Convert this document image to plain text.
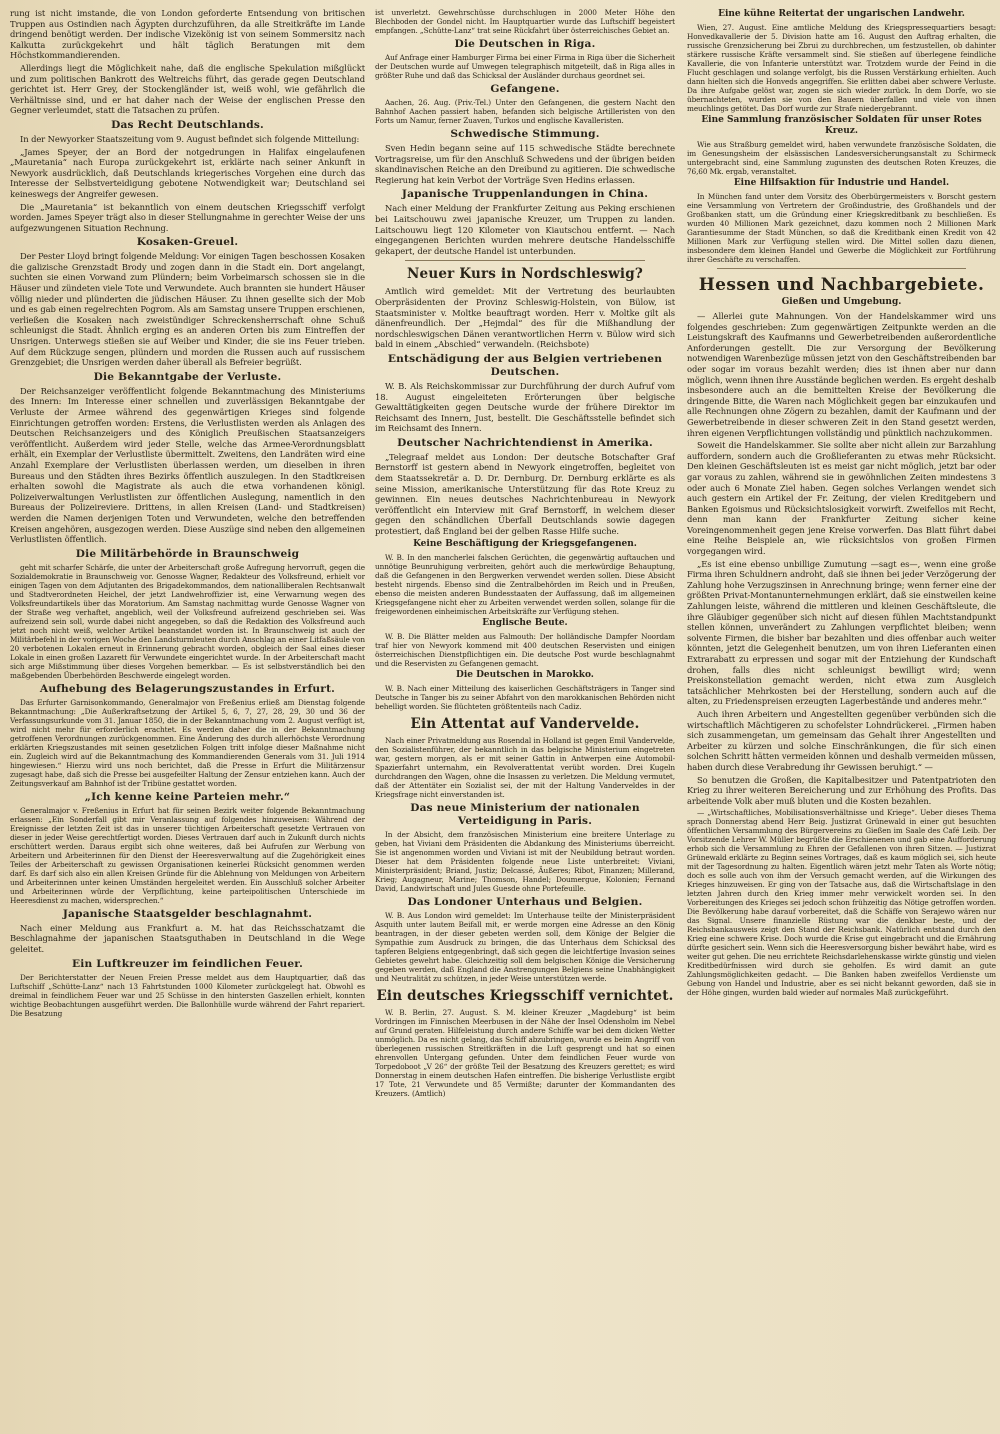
rung ist nicht imstande, die von London geforderte Entsendung von britischen Truppen aus Ostindien nach Ägypten durchzuführen, da alle Streitkräfte im Lande dringend benötigt werden. Der indische Vizekönig ist von seinem Sommersitz nach Kalkutta zurückgekehrt und hält täglich Beratungen mit dem Höchstkommandierenden.

Allerdings liegt die Möglichkeit nahe, daß die englische Spekulation mißglückt und zum politischen Bankrott des Weltreichs führt, das gerade gegen Deutschland gerichtet ist. Herr Grey, der Stockengländer ist, weiß wohl, wie gefährlich die Verhältnisse sind, und er hat daher nach der Weise der englischen Presse den Gegner verleumdet, statt die Tatsachen zu prüfen.

Das Recht Deutschlands.

In der Newyorker Staatszeitung vom 9. August befindet sich folgende Mitteilung:

„James Speyer, der an Bord der notgedrungen in Halifax eingelaufenen „Mauretania“ nach Europa zurückgekehrt ist, erklärte nach seiner Ankunft in Newyork ausdrücklich, daß Deutschlands kriegerisches Vorgehen eine durch das Interesse der Selbstverteidigung gebotene Notwendigkeit war; Deutschland sei keineswegs der Angreifer gewesen.

Die „Mauretania“ ist bekanntlich von einem deutschen Kriegsschiff verfolgt worden. James Speyer trägt also in dieser Stellungnahme in gerechter Weise der uns aufgezwungenen Situation Rechnung.

Kosaken-Greuel.

Der Pester Lloyd bringt folgende Meldung: Vor einigen Tagen beschossen Kosaken die galizische Grenzstadt Brody und zogen dann in die Stadt ein. Dort angelangt, suchten sie einen Vorwand zum Plündern; beim Vorbeimarsch schossen sie in die Häuser und zündeten viele Tote und Verwundete. Auch brannten sie hundert Häuser völlig nieder und plünderten die jüdischen Häuser. Zu ihnen gesellte sich der Mob und es gab einen regelrechten Pogrom. Als am Samstag unsere Truppen erschienen, verließen die Kosaken nach zweistündiger Schreckensherrschaft ohne Schuß schleunigst die Stadt. Ähnlich erging es an anderen Orten bis zum Eintreffen der Unsrigen. Unterwegs stießen sie auf Weiber und Kinder, die sie ins Feuer trieben. Auf dem Rückzuge sengen, plündern und morden die Russen auch auf russischem Grenzgebiet; die Unsrigen werden daher überall als Befreier begrüßt.

Die Bekanntgabe der Verluste.

Der Reichsanzeiger veröffentlicht folgende Bekanntmachung des Ministeriums des Innern: Im Interesse einer schnellen und zuverlässigen Bekanntgabe der Verluste der Armee während des gegenwärtigen Krieges sind folgende Einrichtungen getroffen worden: Erstens, die Verlustlisten werden als Anlagen des Deutschen Reichsanzeigers und des Königlich Preußischen Staatsanzeigers veröffentlicht. Außerdem wird jeder Stelle, welche das Armee-Verordnungsblatt erhält, ein Exemplar der Verlustliste übermittelt. Zweitens, den Landräten wird eine Anzahl Exemplare der Verlustlisten überlassen werden, um dieselben in ihren Bureaus und den Städten ihres Bezirks öffentlich auszulegen. In den Stadtkreisen erhalten sowohl die Magistrate als auch die etwa vorhandenen königl. Polizeiverwaltungen Verlustlisten zur öffentlichen Auslegung, namentlich in den Bureaus der Polizeireviere. Drittens, in allen Kreisen (Land- und Stadtkreisen) werden die Namen derjenigen Toten und Verwundeten, welche den betreffenden Kreisen angehören, ausgezogen werden. Diese Auszüge sind neben den allgemeinen Verlustlisten öffentlich.

Die Militärbehörde in Braunschweig

geht mit scharfer Schärfe, die unter der Arbeiterschaft große Aufregung hervorruft, gegen die Sozialdemokratie in Braunschweig vor. Genosse Wagner, Redakteur des Volksfreund, erhielt vor einigen Tagen von dem Adjutanten des Brigadekommandos, dem nationalliberalen Rechtsanwalt und Stadtverordneten Heichel, der jetzt Landwehroffizier ist, eine Verwarnung wegen des Volksfreundartikels über das Moratorium. Am Samstag nachmittag wurde Genosse Wagner von der Straße weg verhaftet, angeblich, weil der Volksfreund aufreizend geschrieben sei. Was aufreizend sein soll, wurde dabei nicht angegeben, so daß die Redaktion des Volksfreund auch jetzt noch nicht weiß, welcher Artikel beanstandet worden ist. In Braunschweig ist auch der Militärbefehl in der vorigen Woche den Landsturmleuten durch Anschlag an einer Litfaßsäule von 20 verbotenen Lokalen erneut in Erinnerung gebracht worden, obgleich der Saal eines dieser Lokale in einen großen Lazarett für Verwundete eingerichtet wurde. In der Arbeiterschaft macht sich arge Mißstimmung über dieses Vorgehen bemerkbar. — Es ist selbstverständlich bei den maßgebenden Überbehörden Beschwerde eingelegt worden.

Aufhebung des Belagerungszustandes in Erfurt.

Das Erfurter Garnisonkommando, Generalmajor von Freßenius erließ am Dienstag folgende Bekanntmachung: „Die Außerkraftsetzung der Artikel 5, 6, 7, 27, 28, 29, 30 und 36 der Verfassungsurkunde vom 31. Januar 1850, die in der Bekanntmachung vom 2. August verfügt ist, wird nicht mehr für erforderlich erachtet. Es werden daher die in der Bekanntmachung getroffenen Verordnungen zurückgenommen. Eine Änderung des durch allerhöchste Verordnung erklärten Kriegszustandes mit seinen gesetzlichen Folgen tritt infolge dieser Maßnahme nicht ein. Zugleich wird auf die Bekanntmachung des Kommandierenden Generals vom 31. Juli 1914 hingewiesen.“ Hierzu wird uns noch berichtet, daß die Presse in Erfurt die Militärzensur zugesagt habe, daß sich die Presse bei ausgefeilter Haltung der Zensur entziehen kann. Auch der Zeitungsverkauf am Bahnhof ist der Tribüne gestattet worden.

„Ich kenne keine Parteien mehr.“

Generalmajor v. Freßenius in Erfurt hat für seinen Bezirk weiter folgende Bekanntmachung erlassen: „Ein Sonderfall gibt mir Veranlassung auf folgendes hinzuweisen: Während der Ereignisse der letzten Zeit ist das in unserer tüchtigen Arbeiterschaft gesetzte Vertrauen von dieser in jeder Weise gerechtfertigt worden. Dieses Vertrauen darf auch in Zukunft durch nichts erschüttert werden. Daraus ergibt sich ohne weiteres, daß bei Aufrufen zur Werbung von Arbeitern und Arbeiterinnen für den Dienst der Heeresverwaltung auf die Zugehörigkeit eines Teiles der Arbeiterschaft zu gewissen Organisationen keinerlei Rücksicht genommen werden darf. Es darf sich also ein allen Kreisen Gründe für die Ablehnung von Meldungen von Arbeitern und Arbeiterinnen unter keinen Umständen hergeleitet werden. Ein Ausschluß solcher Arbeiter und Arbeiterinnen würde der Verpflichtung, keine parteipolitischen Unterschiede im Heeresdienst zu machen, widersprechen.“

Japanische Staatsgelder beschlagnahmt.

Nach einer Meldung aus Frankfurt a. M. hat das Reichsschatzamt die Beschlagnahme der japanischen Staatsguthaben in Deutschland in die Wege geleitet.

Ein Luftkreuzer im feindlichen Feuer.

Der Berichterstatter der Neuen Freien Presse meldet aus dem Hauptquartier, daß das Luftschiff „Schütte-Lanz“ nach 13 Fahrtstunden 1000 Kilometer zurückgelegt hat. Obwohl es dreimal in feindlichem Feuer war und 25 Schüsse in den hintersten Gaszellen erhielt, konnten wichtige Beobachtungen ausgeführt werden. Die Ballonhülle wurde während der Fahrt repariert. Die Besatzung

ist unverletzt. Gewehrschüsse durchschlugen in 2000 Meter Höhe den Blechboden der Gondel nicht. Im Hauptquartier wurde das Luftschiff begeistert empfangen. „Schütte-Lanz“ trat seine Rückfahrt über österreichisches Gebiet an.

Die Deutschen in Riga.

Auf Anfrage einer Hamburger Firma bei einer Firma in Riga über die Sicherheit der Deutschen wurde auf Umwegen telegraphisch mitgeteilt, daß in Riga alles in größter Ruhe und daß das Schicksal der Ausländer durchaus geordnet sei.

Gefangene.

Aachen, 26. Aug. (Priv.-Tel.) Unter den Gefangenen, die gestern Nacht den Bahnhof Aachen passiert haben, befanden sich belgische Artilleristen von den Forts um Namur, ferner Zuaven, Turkos und englische Kavalleristen.

Schwedische Stimmung.

Sven Hedin begann seine auf 115 schwedische Städte berechnete Vortragsreise, um für den Anschluß Schwedens und der übrigen beiden skandinavischen Reiche an den Dreibund zu agitieren. Die schwedische Regierung hat kein Verbot der Vorträge Sven Hedins erlassen.

Japanische Truppenlandungen in China.

Nach einer Meldung der Frankfurter Zeitung aus Peking erschienen bei Laitschouwu zwei japanische Kreuzer, um Truppen zu landen. Laitschouwu liegt 120 Kilometer von Kiautschou entfernt. — Nach eingegangenen Berichten wurden mehrere deutsche Handelsschiffe gekapert, der deutsche Handel ist unterbunden.

Neuer Kurs in Nordschleswig?

Amtlich wird gemeldet: Mit der Vertretung des beurlaubten Oberpräsidenten der Provinz Schleswig-Holstein, von Bülow, ist Staatsminister v. Moltke beauftragt worden. Herr v. Moltke gilt als dänenfreundlich. Der „Hejmdal“ des für die Mißhandlung der nordschleswigschen Dänen verantwortlichen Herrn v. Bülow wird sich bald in einem „Abschied“ verwandeln. (Reichsbote)

Entschädigung der aus Belgien vertriebenen Deutschen.

W. B. Als Reichskommissar zur Durchführung der durch Aufruf vom 18. August eingeleiteten Erörterungen über belgische Gewalttätigkeiten gegen Deutsche wurde der frühere Direktor im Reichsamt des Innern, Just, bestellt. Die Geschäftsstelle befindet sich im Reichsamt des Innern.

Deutscher Nachrichtendienst in Amerika.

„Telegraaf meldet aus London: Der deutsche Botschafter Graf Bernstorff ist gestern abend in Newyork eingetroffen, begleitet von dem Staatssekretär a. D. Dr. Dernburg. Dr. Dernburg erklärte es als seine Mission, amerikanische Unterstützung für das Rote Kreuz zu gewinnen. Ein neues deutsches Nachrichtenbureau in Newyork veröffentlicht ein Interview mit Graf Bernstorff, in welchem dieser gegen den schändlichen Überfall Deutschlands sowie dagegen protestiert, daß England bei der gelben Rasse Hilfe suche.

Keine Beschäftigung der Kriegsgefangenen.

W. B. In den mancherlei falschen Gerüchten, die gegenwärtig auftauchen und unnötige Beunruhigung verbreiten, gehört auch die merkwürdige Behauptung, daß die Gefangenen in den Bergwerken verwendet werden sollen. Diese Absicht besteht nirgends. Ebenso sind die Zentralbehörden im Reich und in Preußen, ebenso die meisten anderen Bundesstaaten der Auffassung, daß im allgemeinen Kriegsgefangene nicht eher zu Arbeiten verwendet werden sollen, solange für die freigewordenen einheimischen Arbeitskräfte zur Verfügung stehen.

Englische Beute.

W. B. Die Blätter melden aus Falmouth: Der holländische Dampfer Noordam traf hier von Newyork kommend mit 400 deutschen Reservisten und einigen österreichischen Dienstpflichtigen ein. Die deutsche Post wurde beschlagnahmt und die Reservisten zu Gefangenen gemacht.

Die Deutschen in Marokko.

W. B. Nach einer Mitteilung des kaiserlichen Geschäftsträgers in Tanger sind Deutsche in Tanger bis zu seiner Abfahrt von den marokkanischen Behörden nicht behelligt worden. Sie flüchteten größtenteils nach Cadiz.

Ein Attentat auf Vandervelde.

Nach einer Privatmeldung aus Rosendal in Holland ist gegen Emil Vandervelde, den Sozialistenführer, der bekanntlich in das belgische Ministerium eingetreten war, gestern morgen, als er mit seiner Gattin in Antwerpen eine Automobil-Spazierfahrt unternahm, ein Revolverattentat verübt worden. Drei Kugeln durchdrangen den Wagen, ohne die Insassen zu verletzen. Die Meldung vermutet, daß der Attentäter ein Sozialist sei, der mit der Haltung Vanderveldes in der Kriegsfrage nicht einverstanden ist.

Das neue Ministerium der nationalen Verteidigung in Paris.

In der Absicht, dem französischen Ministerium eine breitere Unterlage zu geben, hat Viviani dem Präsidenten die Abdankung des Ministeriums überreicht. Sie ist angenommen worden und Viviani ist mit der Neubildung betraut worden. Dieser hat dem Präsidenten folgende neue Liste unterbreitet: Viviani, Ministerpräsident; Briand, Justiz; Delcassé, Äußeres; Ribot, Finanzen; Millerand, Krieg; Augagneur, Marine; Thomson, Handel; Doumergue, Kolonien; Fernand David, Landwirtschaft und Jules Guesde ohne Portefeuille.

Das Londoner Unterhaus und Belgien.

W. B. Aus London wird gemeldet: Im Unterhause teilte der Ministerpräsident Asquith unter lautem Beifall mit, er werde morgen eine Adresse an den König beantragen, in der dieser gebeten werden soll, dem Könige der Belgier die Sympathie zum Ausdruck zu bringen, die das Unterhaus dem Schicksal des tapferen Belgiens entgegenbringt, daß sich gegen die leichtfertige Invasion seines Gebietes gewehrt habe. Gleichzeitig soll dem belgischen Könige die Versicherung gegeben werden, daß England die Anstrengungen Belgiens seine Unabhängigkeit und Neutralität zu schützen, in jeder Weise unterstützen werde.

Ein deutsches Kriegsschiff vernichtet.

W. B. Berlin, 27. August. S. M. kleiner Kreuzer „Magdeburg“ ist beim Vordringen im Finnischen Meerbusen in der Nähe der Insel Odensholm im Nebel auf Grund geraten. Hilfeleistung durch andere Schiffe war bei dem dicken Wetter unmöglich. Da es nicht gelang, das Schiff abzubringen, wurde es beim Angriff von überlegenen russischen Streitkräften in die Luft gesprengt und hat so einen ehrenvollen Untergang gefunden. Unter dem feindlichen Feuer wurde von Torpedoboot „V 26“ der größte Teil der Besatzung des Kreuzers gerettet; es wird Donnerstag in einem deutschen Hafen eintreffen. Die bisherige Verlustliste ergibt 17 Tote, 21 Verwundete und 85 Vermißte; darunter der Kommandanten des Kreuzers. (Amtlich)

Eine kühne Reitertat der ungarischen Landwehr.

Wien, 27. August. Eine amtliche Meldung des Kriegspressequartiers besagt: Honvedkavallerie der 5. Division hatte am 16. August den Auftrag erhalten, die russische Grenzsicherung bei Zbrui zu durchbrechen, um festzustellen, ob dahinter stärkere russische Kräfte versammelt sind. Sie stießen auf überlegene feindliche Kavallerie, die von Infanterie unterstützt war. Trotzdem wurde der Feind in die Flucht geschlagen und solange verfolgt, bis die Russen Verstärkung erhielten. Auch dann hielten sich die Honveds angegriffen. Sie erlitten dabei aber schwere Verluste. Da ihre Aufgabe gelöst war, zogen sie sich wieder zurück. In dem Dorfe, wo sie übernachteten, wurden sie von den Bauern überfallen und viele von ihnen meuchlings getötet. Das Dorf wurde zur Strafe niedergebrannt.

Eine Sammlung französischer Soldaten für unser Rotes Kreuz.

Wie aus Straßburg gemeldet wird, haben verwundete französische Soldaten, die im Genesungsheim der elsässischen Landesversicherungsanstalt zu Schirmeck untergebracht sind, eine Sammlung zugunsten des deutschen Roten Kreuzes, die 76,60 Mk. ergab, veranstaltet.

Eine Hilfsaktion für Industrie und Handel.

In München fand unter dem Vorsitz des Oberbürgermeisters v. Borscht gestern eine Versammlung von Vertretern der Großindustrie, des Großhandels und der Großbanken statt, um die Gründung einer Kriegskreditbank zu beschließen. Es wurden 40 Millionen Mark gezeichnet, dazu kommen noch 2 Millionen Mark Garantiesumme der Stadt München, so daß die Kreditbank einen Kredit von 42 Millionen Mark zur Verfügung stellen wird. Die Mittel sollen dazu dienen, insbesondere dem kleinen Handel und Gewerbe die Möglichkeit zur Fortführung ihrer Geschäfte zu verschaffen.

Hessen und Nachbargebiete.
Gießen und Umgebung.

— Allerlei gute Mahnungen. Von der Handelskammer wird uns folgendes geschrieben: Zum gegenwärtigen Zeitpunkte werden an die Leistungskraft des Kaufmanns und Gewerbetreibenden außerordentliche Anforderungen gestellt. Die zur Versorgung der Bevölkerung notwendigen Warenbezüge müssen jetzt von den Geschäftstreibenden bar oder sogar im voraus bezahlt werden; dies ist ihnen aber nur dann möglich, wenn ihnen ihre Ausstände beglichen werden. Es ergeht deshalb insbesondere auch an die bemittelten Kreise der Bevölkerung die dringende Bitte, die Waren nach Möglichkeit gegen bar einzukaufen und alle Rechnungen ohne Zögern zu bezahlen, damit der Kaufmann und der Gewerbetreibende in dieser schweren Zeit in den Stand gesetzt werden, ihren eigenen Verpflichtungen vollständig und pünktlich nachzukommen.

Soweit die Handelskammer. Sie sollte aber nicht allein zur Barzahlung auffordern, sondern auch die Großlieferanten zu etwas mehr Rücksicht. Den kleinen Geschäftsleuten ist es meist gar nicht möglich, jetzt bar oder gar voraus zu zahlen, während sie in gewöhnlichen Zeiten mindestens 3 oder auch 6 Monate Ziel haben. Gegen solches Verlangen wendet sich auch gestern ein Artikel der Fr. Zeitung, der vielen Kreditgebern und Banken Egoismus und Rücksichtslosigkeit vorwirft. Zweifellos mit Recht, denn man kann der Frankfurter Zeitung sicher keine Voreingenommenheit gegen jene Kreise vorwerfen. Das Blatt führt dabei eine Reihe Beispiele an, wie rücksichtslos von großen Firmen vorgegangen wird.

„Es ist eine ebenso unbillige Zumutung —sagt es—, wenn eine große Firma ihren Schuldnern androht, daß sie ihnen bei jeder Verzögerung der Zahlung hohe Verzugszinsen in Anrechnung bringe; wenn ferner eine der größten Privat-Montanunternehmungen erklärt, daß sie einstweilen keine Zahlungen leiste, während die mittleren und kleinen Geschäftsleute, die ihre Gläubiger gegenüber sich nicht auf diesen fühlen Machtstandpunkt stellen können, unverändert zu Zahlungen verpflichtet bleiben; wenn solvente Firmen, die bisher bar bezahlten und dies offenbar auch weiter könnten, jetzt die Gelegenheit benutzen, um von ihren Lieferanten einen Extrarabatt zu erpressen und sogar mit der Entziehung der Kundschaft drohen, falls dies nicht schleunigst bewilligt wird; wenn Preiskonstellation gemacht werden, nicht etwa zum Ausgleich tatsächlicher Mehrkosten bei der Herstellung, sondern auch auf die alten, zu Friedenspreisen erzeugten Lagerbestände und anderes mehr.“

Auch ihren Arbeitern und Angestellten gegenüber verbünden sich die wirtschaftlich Mächtigeren zu schofelster Lohndrückerei. „Firmen haben sich zusammengetan, um gemeinsam das Gehalt ihrer Angestellten und Arbeiter zu kürzen und solche Einschränkungen, die für sich einen solchen Schritt hätten vermeiden können und deshalb vermeiden müssen, haben durch diese Verabredung ihr Gewissen beruhigt.“ —

So benutzen die Großen, die Kapitalbesitzer und Patentpatrioten den Krieg zu ihrer weiteren Bereicherung und zur Erhöhung des Profits. Das arbeitende Volk aber muß bluten und die Kosten bezahlen.

— „Wirtschaftliches, Mobilisationsverhältnisse und Kriege“. Ueber dieses Thema sprach Donnerstag abend Herr Beig. Justizrat Grünewald in einer gut besuchten öffentlichen Versammlung des Bürgervereins zu Gießen im Saale des Café Leib. Der Vorsitzende Lehrer W. Müller begrüßte die Erschienenen und gab eine Aufforderung erhob sich die Versammlung zu Ehren der Gefallenen von ihren Sitzen. — Justizrat Grünewald erklärte zu Beginn seines Vortrages, daß es kaum möglich sei, sich heute mit der Tagesordnung zu halten. Eigentlich wären jetzt mehr Taten als Worte nötig; doch es solle auch von ihm der Versuch gemacht werden, auf die Wirkungen des Krieges hinzuweisen. Er ging von der Tatsache aus, daß die Wirtschaftslage in den letzten Jahren durch den Krieg immer mehr verwickelt worden sei. In den Vorbereitungen des Krieges sei jedoch schon frühzeitig das Nötige getroffen worden. Die Bevölkerung habe darauf vorbereitet, daß die Schäffe von Serajewo wären nur das Signal. Unsere finanzielle Rüstung war die denkbar beste, und der Reichsbankausweis zeigt den Stand der Reichsbank. Natürlich entstand durch den Krieg eine schwere Krise. Doch wurde die Krise gut eingebracht und die Ernährung dürfte gesichert sein. Wenn sich die Heeresversorgung bisher bewährt habe, wird es weiter gut gehen. Die neu errichtete Reichsdarlehenskasse wirkte günstig und vielen Kreditbedürfnissen wird durch sie geholfen. Es wird damit an gute Zahlungsmöglichkeiten gedacht. — Die Banken haben zweifellos Verdienste um Gebung von Handel und Industrie, aber es sei nicht bekannt geworden, daß sie in der Höhe gingen, wurden bald wieder auf normales Maß zurückgeführt.
